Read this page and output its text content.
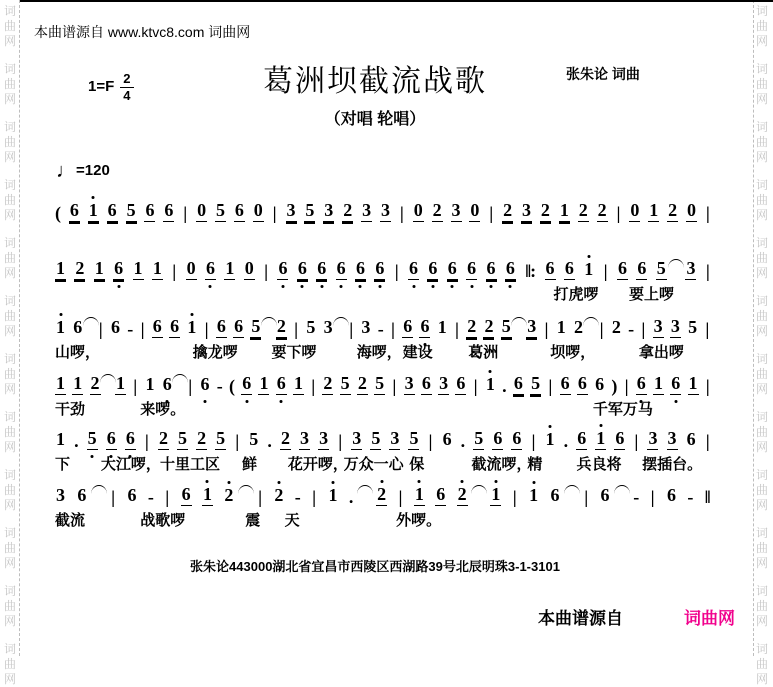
词
曲
网
词
曲
网
词
曲
网
词
曲
网
词
曲
网
词
曲
网
词
曲
网
词
曲
网
词
曲
网
词
曲
网
词
曲
网
词
曲
网
词
曲
网
词
曲
网
词
曲
网
词
曲
网
词
曲
网
词
曲
网
词
曲
网
词
曲
网
词
曲
网
词
曲
网
词
曲
网
词
曲
网
本曲谱源自 www.ktvc8.com 词曲网
葛洲坝截流战歌
$1=F \frac{2}{4}$	张朱论 词曲
（对唱 轮唱）
♩=120
( 6 1 6 5 6 6 | 0 5 6 0 | 3 5 3 2 3 3 | 0 2 3 0 | 2 3 2 1 2 2 | 0 1 2 0 |
1 2 1 6 1 1 | 0 6 1 0 | 6 6 6 6 6 6 | 6 6 6 6 6 6 ‖: 6 6 1 | 6 6 5 3 |
打虎啰 要上啰
1 6 | 6 - | 6 6 1 | 6 6 5 2 | 5 3 | 3 - | 6 6 1 | 2 2 5 3 | 1 2 | 2 - | 3 3 5 |
山啰，	擒龙啰 要下啰	海啰， 建设 葛洲	坝啰，	拿出啰
1 1 2 1 | 1 6 | 6 - ( 6 1 6 1 | 2 5 2 5 | 3 6 3 6 | 1 . 6 5 | 6 6 6 ) | 6 1 6 1 |
干劲	来啰。	千军万马
1 . 5 6 6 | 2 5 2 5 | 5 . 2 3 3 | 3 5 3 5 | 6 . 5 6 6 | 1 . 6 1 6 | 3 3 6 |
下 大江啰， 十里工区 鲜 花开啰，
万众一心 保	截流啰，
精 兵良将 摆插台。
3 6 | 6 - | 6 1 2 | 2 - | 1 . 2 | 1 6 2 1 | 1 6 | 6 - | 6 - ‖
截流	战歌啰	震 天	外啰。
张朱论443000湖北省宜昌市西陵区西湖路39号北辰明珠3-1-3101
本曲谱源自	词曲网
